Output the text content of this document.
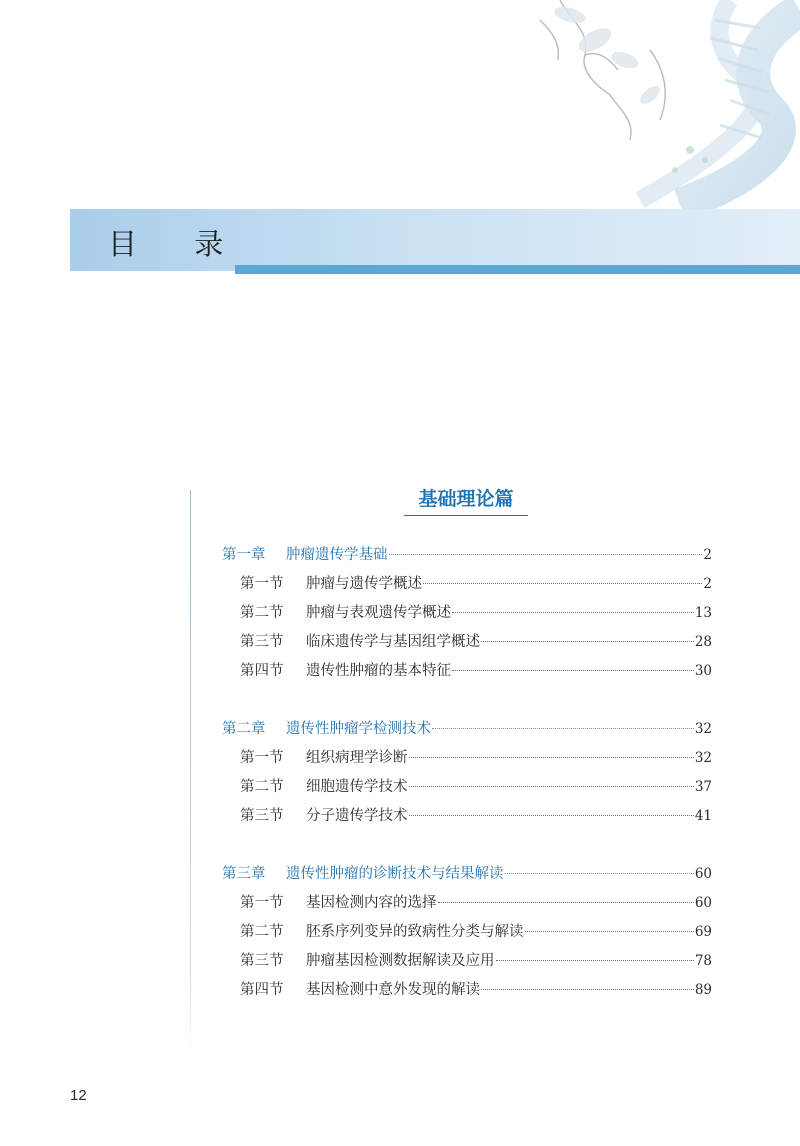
目 录
基础理论篇
第一章 肿瘤遗传学基础	2
第一节 肿瘤与遗传学概述	2
第二节 肿瘤与表观遗传学概述	13
第三节 临床遗传学与基因组学概述	28
第四节 遗传性肿瘤的基本特征	30
第二章 遗传性肿瘤学检测技术	32
第一节 组织病理学诊断	32
第二节 细胞遗传学技术	37
第三节 分子遗传学技术	41
第三章 遗传性肿瘤的诊断技术与结果解读	60
第一节 基因检测内容的选择	60
第二节 胚系序列变异的致病性分类与解读	69
第三节 肿瘤基因检测数据解读及应用	78
第四节 基因检测中意外发现的解读	89
12
